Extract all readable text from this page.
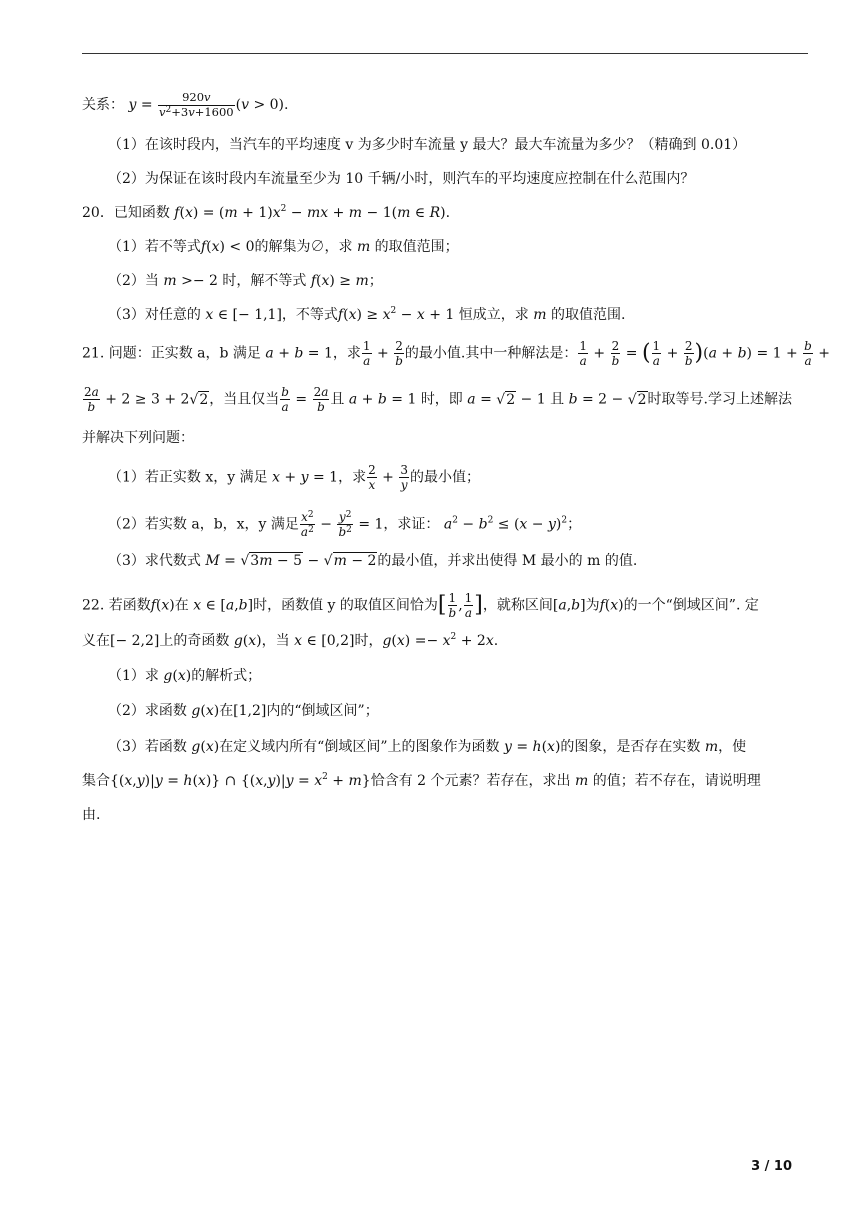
关系： $y = \frac{920v}{v^2+3v+1600} (v > 0)$.
（1）在该时段内，当汽车的平均速度 v 为多少时车流量 y 最大？最大车流量为多少？（精确到 0.01）
（2）为保证在该时段内车流量至少为 10 千辆/小时，则汽车的平均速度应控制在什么范围内？
20．已知函数 $f(x) = (m + 1)x^2$ − mx + m − 1(m ∈ R).
（1）若不等式f(x) < 0的解集为∅，求 m 的取值范围；
（2）当 m >− 2 时，解不等式 f(x) ≥ m；
（3）对任意的 x ∈ [− 1,1]，不等式$f(x) \ge x^2 - x + 1$ 恒成立，求 m 的取值范围.
21. 问题：正实数 a，b 满足 a + b = 1，求 $\frac{1}{a} + \frac{2}{b}$ 的最小值.其中一种解法是： $\frac{1}{a} + \frac{2}{b}$ = ( $\frac{1}{a} + \frac{2}{b} )(a + b) = 1 + \frac{b}{a}$ +
$\frac{2a}{b} + 2 \ge 3 + 2√2$，当且仅当 $\frac{b}{a} = \frac{2a}{b}$ 且 a + b = 1 时，即 a = √2 − 1 且 b = 2 − √2时取等号.学习上述解法
并解决下列问题：
（1）若正实数 x，y 满足 x + y = 1，求 $\frac{2}{x} + \frac{3}{y}$ 的最小值；
（2）若实数 a，b，x，y 满足 $\frac{x^2}{a^2} - \frac{y^2}{b^2} = 1$，求证： $a^2 - b^2 \le (x - y)^2$；
（3）求代数式 M = √3m − 5 − √m − 2的最小值，并求出使得 M 最小的 m 的值.
22. 若函数f(x)在 x ∈ [a,b]时，函数值 y 的取值区间恰为[ $\frac{1}{b}$ , $\frac{1}{a}$ ]，就称区间[a,b]为f(x)的一个“倒域区间”. 定
义在[− 2,2]上的奇函数 g(x)，当 x ∈ [0,2]时，$g(x) =- x^2 + 2x$.
（1）求 g(x)的解析式；
（2）求函数 g(x)在[1,2]内的“倒域区间”；
（3）若函数 g(x)在定义域内所有“倒域区间”上的图象作为函数 y = h(x)的图象，是否存在实数 m，使
集合{(x,y)|y = h(x)} ∩ $\{(x,y)|y = x^2 + m\}$恰含有 2 个元素？若存在，求出 m 的值；若不存在，请说明理
由.
3 / 10
